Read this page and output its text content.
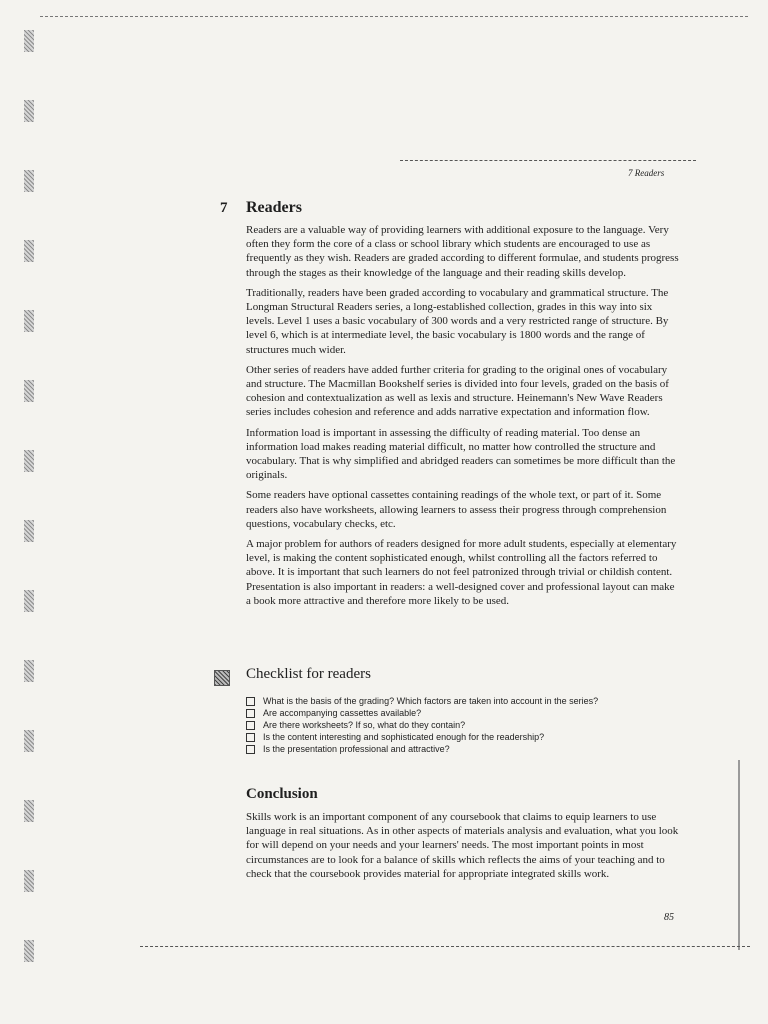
7 Readers
7 Readers

Readers are a valuable way of providing learners with additional exposure to the language. Very often they form the core of a class or school library which students are encouraged to use as frequently as they wish. Readers are graded according to different formulae, and students progress through the stages as their knowledge of the language and their reading skills develop.

Traditionally, readers have been graded according to vocabulary and grammatical structure. The Longman Structural Readers series, a long-established collection, grades in this way into six levels. Level 1 uses a basic vocabulary of 300 words and a very restricted range of structure. By level 6, which is at intermediate level, the basic vocabulary is 1800 words and the range of structures much wider.

Other series of readers have added further criteria for grading to the original ones of vocabulary and structure. The Macmillan Bookshelf series is divided into four levels, graded on the basis of cohesion and contextualization as well as lexis and structure. Heinemann's New Wave Readers series includes cohesion and reference and adds narrative expectation and information flow.

Information load is important in assessing the difficulty of reading material. Too dense an information load makes reading material difficult, no matter how controlled the structure and vocabulary. That is why simplified and abridged readers can sometimes be more difficult than the originals.

Some readers have optional cassettes containing readings of the whole text, or part of it. Some readers also have worksheets, allowing learners to assess their progress through comprehension questions, vocabulary checks, etc.

A major problem for authors of readers designed for more adult students, especially at elementary level, is making the content sophisticated enough, whilst controlling all the factors referred to above. It is important that such learners do not feel patronized through trivial or childish content. Presentation is also important in readers: a well-designed cover and professional layout can make a book more attractive and therefore more likely to be used.

Checklist for readers
What is the basis of the grading? Which factors are taken into account in the series?
Are accompanying cassettes available?
Are there worksheets? If so, what do they contain?
Is the content interesting and sophisticated enough for the readership?
Is the presentation professional and attractive?
Conclusion

Skills work is an important component of any coursebook that claims to equip learners to use language in real situations. As in other aspects of materials analysis and evaluation, what you look for will depend on your needs and your learners' needs. The most important points in most circumstances are to look for a balance of skills which reflects the aims of your teaching and to check that the coursebook provides material for appropriate integrated skills work.

85
